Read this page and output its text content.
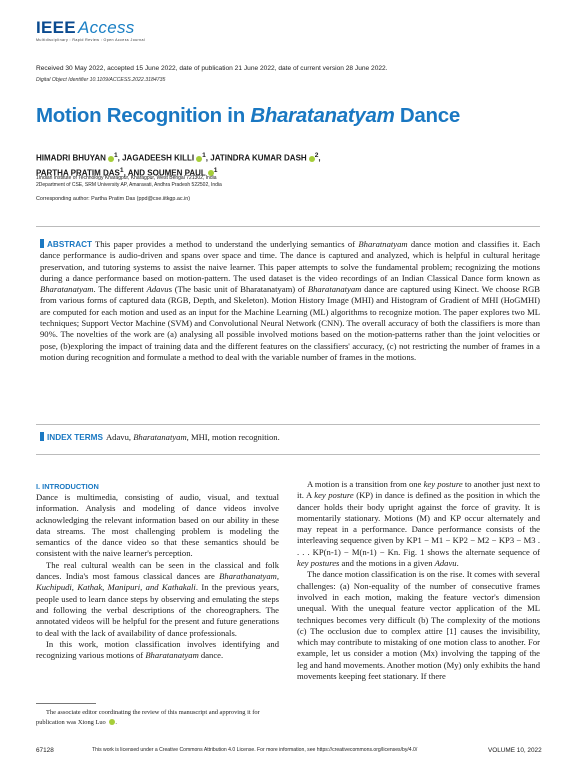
IEEE Access
Multidisciplinary : Rapid Review : Open Access Journal
Received 30 May 2022, accepted 15 June 2022, date of publication 21 June 2022, date of current version 28 June 2022.
Digital Object Identifier 10.1109/ACCESS.2022.3184735
Motion Recognition in Bharatanatyam Dance
HIMADRI BHUYAN $^1$, JAGADEESH KILLI $^1$, JATINDRA KUMAR DASH $^2$,
PARTHA PRATIM DAS$^1$, AND SOUMEN PAUL $^1$
1Indian Institute of Technology Kharagpur, Kharagpur, West Bengal 721302, India
2Department of CSE, SRM University AP, Amaravati, Andhra Pradesh 522502, India
Corresponding author: Partha Pratim Das (ppd@cse.iitkgp.ac.in)
ABSTRACT This paper provides a method to understand the underlying semantics of Bharatnatyam dance motion and classifies it. Each dance performance is audio-driven and spans over space and time. The dance is captured and analyzed, which is helpful in cultural heritage preservation, and tutoring systems to assist the naive learner. This paper attempts to solve the fundamental problem; recognizing the motions during a dance performance based on motion-pattern. The used dataset is the video recordings of an Indian Classical Dance form known as Bharatanatyam. The different Adavus (The basic unit of Bharatanatyam) of Bharatanatyam dance are captured using Kinect. We choose RGB from various forms of captured data (RGB, Depth, and Skeleton). Motion History Image (MHI) and Histogram of Gradient of MHI (HoGMHI) are computed for each motion and used as an input for the Machine Learning (ML) algorithms to recognize motion. The paper explores two ML techniques; Support Vector Machine (SVM) and Convolutional Neural Network (CNN). The overall accuracy of both the classifiers is more than 90%. The novelties of the work are (a) analysing all possible involved motions based on the motion-patterns rather than the joint velocities or pose, (b)exploring the impact of training data and the different features on the classifiers' accuracy, (c) not restricting the number of frames in a motion during recognition and formulate a method to deal with the variable number of frames in the motions.
INDEX TERMS Adavu, Bharatanatyam, MHI, motion recognition.
I. INTRODUCTION

Dance is multimedia, consisting of audio, visual, and textual information. Analysis and modeling of dance videos involve acknowledging the relevant information based on our ability in these data streams. The most challenging problem is modeling the semantics of the dance video so that these semantics should be consistent with the naive learner's perception.

The real cultural wealth can be seen in the classical and folk dances. India's most famous classical dances are Bharathanatyam, Kuchipudi, Kathak, Manipuri, and Kathakali. In the previous years, people used to learn dance steps by observing and emulating the steps and following the verbal descriptions of the choreographers. The annotated videos will be helpful for the present and future generations to deal with the lack of availability of dance professionals.

In this work, motion classification involves identifying and recognizing various motions of Bharatanatyam dance.

The associate editor coordinating the review of this manuscript and approving it for publication was Xiong Luo .

A motion is a transition from one key posture to another just next to it. A key posture (KP) in dance is defined as the position in which the dancer holds their body upright against the force of gravity. It is momentarily stationary. Motions (M) and KP occur alternately and may repeat in a performance. Dance performance consists of the interleaving sequence given by KP1 − M1 − KP2 − M2 − KP3 − M3 . . . . KP(n-1) − M(n-1) − Kn. Fig. 1 shows the alternate sequence of key postures and the motions in a given Adavu.

The dance motion classification is on the rise. It comes with several challenges: (a) Non-equality of the number of consecutive frames involved in each motion, making the feature vector's dimension unequal. With the unequal feature vector application of the ML techniques becomes very difficult (b) The complexity of the motions (c) The occlusion due to complex attire [1] causes the invisibility, which may contribute to mistaking of one motion class to another. For example, let us consider a motion (Mx) involving the tapping of the leg and hand movements. Another motion (My) only exhibits the hand movements keeping feet stationary. If there

67128	This work is licensed under a Creative Commons Attribution 4.0 License. For more information, see https://creativecommons.org/licenses/by/4.0/	VOLUME 10, 2022
